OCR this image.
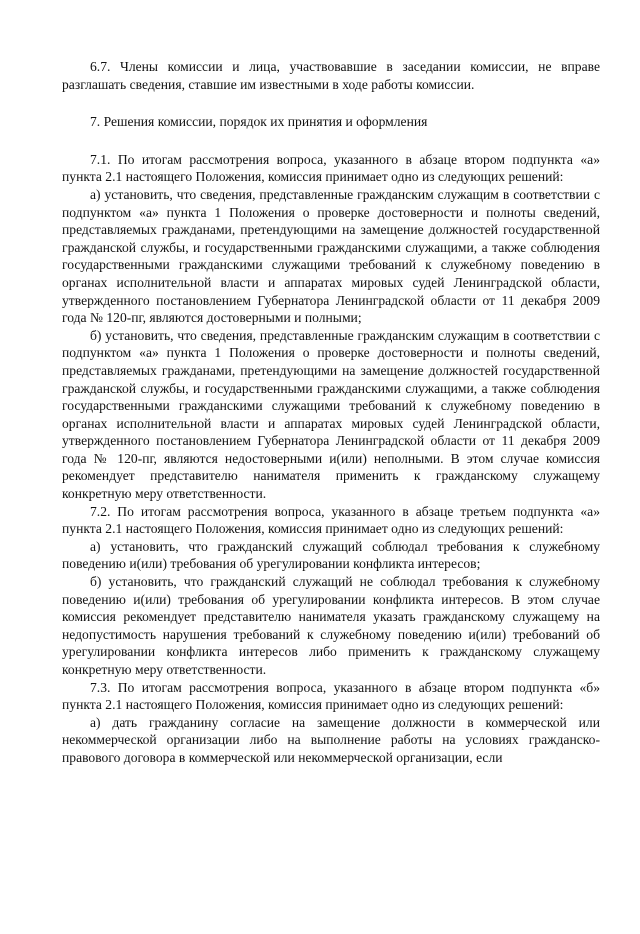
6.7. Члены комиссии и лица, участвовавшие в заседании комиссии, не вправе разглашать сведения, ставшие им известными в ходе работы комиссии.

7. Решения комиссии, порядок их принятия и оформления

7.1. По итогам рассмотрения вопроса, указанного в абзаце втором подпункта «а» пункта 2.1 настоящего Положения, комиссия принимает одно из следующих решений:

а) установить, что сведения, представленные гражданским служащим в соответствии с подпунктом «а» пункта 1 Положения о проверке достоверности и полноты сведений, представляемых гражданами, претендующими на замещение должностей государственной гражданской службы, и государственными гражданскими служащими, а также соблюдения государственными гражданскими служащими требований к служебному поведению в органах исполнительной власти и аппаратах мировых судей Ленинградской области, утвержденного постановлением Губернатора Ленинградской области от 11 декабря 2009 года № 120-пг, являются достоверными и полными;

б) установить, что сведения, представленные гражданским служащим в соответствии с подпунктом «а» пункта 1 Положения о проверке достоверности и полноты сведений, представляемых гражданами, претендующими на замещение должностей государственной гражданской службы, и государственными гражданскими служащими, а также соблюдения государственными гражданскими служащими требований к служебному поведению в органах исполнительной власти и аппаратах мировых судей Ленинградской области, утвержденного постановлением Губернатора Ленинградской области от 11 декабря 2009 года № 120-пг, являются недостоверными и(или) неполными. В этом случае комиссия рекомендует представителю нанимателя применить к гражданскому служащему конкретную меру ответственности.

7.2. По итогам рассмотрения вопроса, указанного в абзаце третьем подпункта «а» пункта 2.1 настоящего Положения, комиссия принимает одно из следующих решений:

а) установить, что гражданский служащий соблюдал требования к служебному поведению и(или) требования об урегулировании конфликта интересов;

б) установить, что гражданский служащий не соблюдал требования к служебному поведению и(или) требования об урегулировании конфликта интересов. В этом случае комиссия рекомендует представителю нанимателя указать гражданскому служащему на недопустимость нарушения требований к служебному поведению и(или) требований об урегулировании конфликта интересов либо применить к гражданскому служащему конкретную меру ответственности.

7.3. По итогам рассмотрения вопроса, указанного в абзаце втором подпункта «б» пункта 2.1 настоящего Положения, комиссия принимает одно из следующих решений:

а) дать гражданину согласие на замещение должности в коммерческой или некоммерческой организации либо на выполнение работы на условиях гражданско-правового договора в коммерческой или некоммерческой организации, если
